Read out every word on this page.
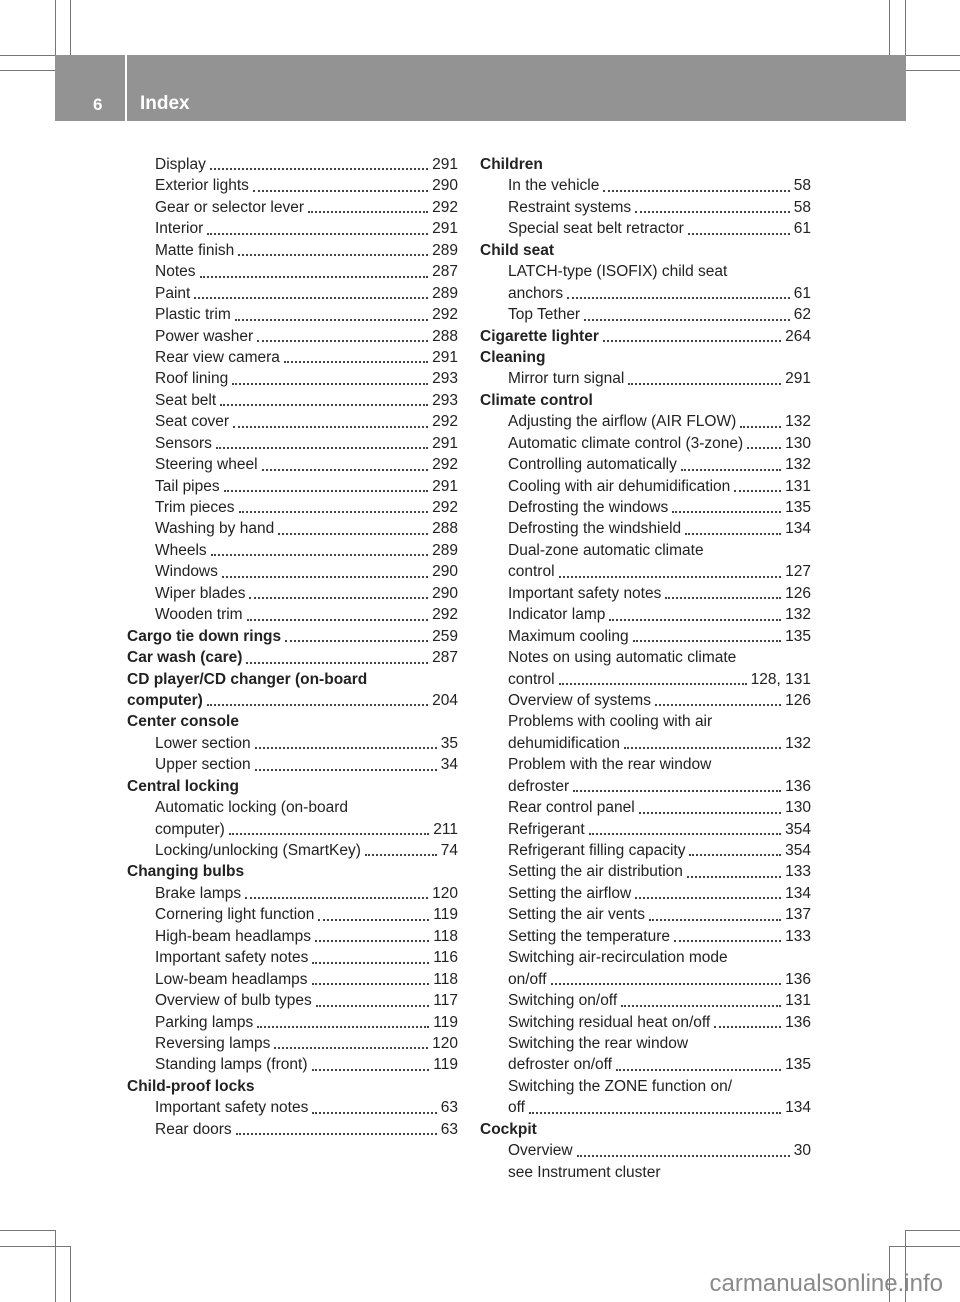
6 Index
Display	291
Exterior lights	290
Gear or selector lever	292
Interior	291
Matte finish	289
Notes	287
Paint	289
Plastic trim	292
Power washer	288
Rear view camera	291
Roof lining	293
Seat belt	293
Seat cover	292
Sensors	291
Steering wheel	292
Tail pipes	291
Trim pieces	292
Washing by hand	288
Wheels	289
Windows	290
Wiper blades	290
Wooden trim	292
Cargo tie down rings	259
Car wash (care)	287
CD player/CD changer (on-board
computer)	204
Center console
Lower section	35
Upper section	34
Central locking
Automatic locking (on-board
computer)	211
Locking/unlocking (SmartKey)	74
Changing bulbs
Brake lamps	120
Cornering light function	119
High-beam headlamps	118
Important safety notes	116
Low-beam headlamps	118
Overview of bulb types	117
Parking lamps	119
Reversing lamps	120
Standing lamps (front)	119
Child-proof locks
Important safety notes	63
Rear doors	63
Children
In the vehicle	58
Restraint systems	58
Special seat belt retractor	61
Child seat
LATCH-type (ISOFIX) child seat
anchors	61
Top Tether	62
Cigarette lighter	264
Cleaning
Mirror turn signal	291
Climate control
Adjusting the airflow (AIR FLOW)	132
Automatic climate control (3-zone)	130
Controlling automatically	132
Cooling with air dehumidification	131
Defrosting the windows	135
Defrosting the windshield	134
Dual-zone automatic climate
control	127
Important safety notes	126
Indicator lamp	132
Maximum cooling	135
Notes on using automatic climate
control	128, 131
Overview of systems	126
Problems with cooling with air
dehumidification	132
Problem with the rear window
defroster	136
Rear control panel	130
Refrigerant	354
Refrigerant filling capacity	354
Setting the air distribution	133
Setting the airflow	134
Setting the air vents	137
Setting the temperature	133
Switching air-recirculation mode
on/off	136
Switching on/off	131
Switching residual heat on/off	136
Switching the rear window
defroster on/off	135
Switching the ZONE function on/
off	134
Cockpit
Overview	30
see Instrument cluster
carmanualsonline.info
